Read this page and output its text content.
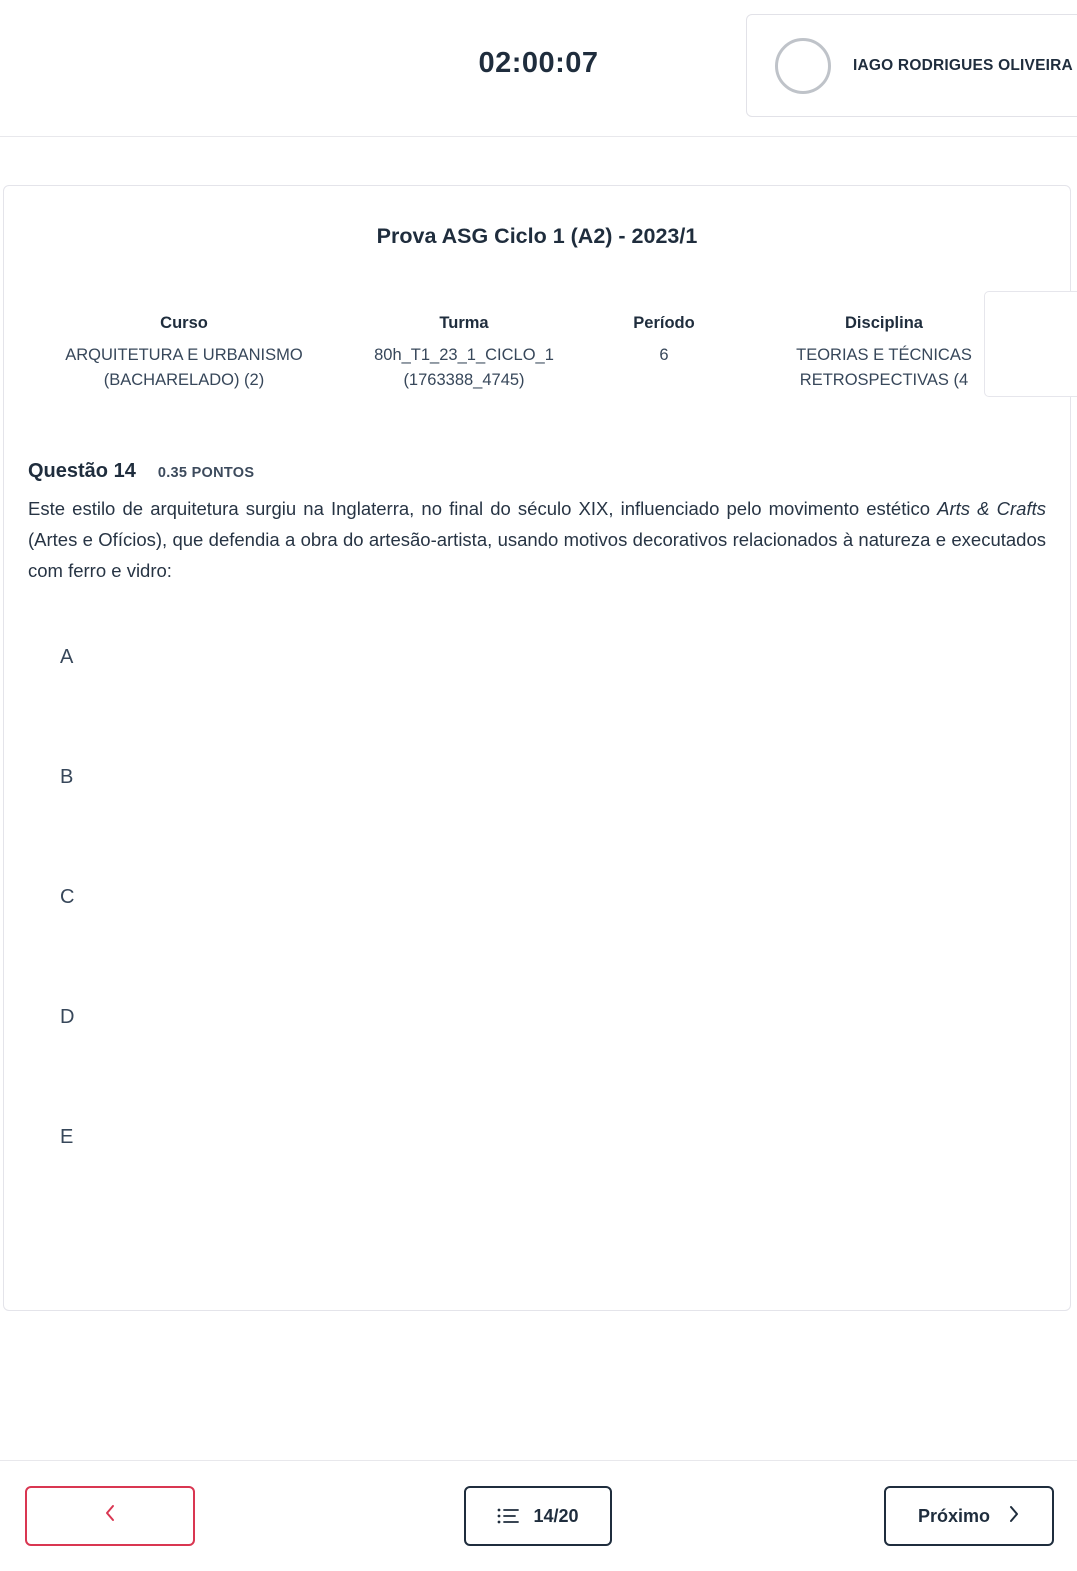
02:00:07	IAGO RODRIGUES OLIVEIRA
Prova ASG Ciclo 1 (A2) - 2023/1
Curso
ARQUITETURA E URBANISMO
(BACHARELADO) (2)
Turma
80h_T1_23_1_CICLO_1
(1763388_4745)
Período
6
Disciplina
TEORIAS E TÉCNICAS
RETROSPECTIVAS (4
Questão 14 0.35 PONTOS
Este estilo de arquitetura surgiu na Inglaterra, no final do século XIX, influenciado pelo movimento estético Arts & Crafts (Artes e Ofícios), que defendia a obra do artesão-artista, usando motivos decorativos relacionados à natureza e executados com ferro e vidro:
A
B
C
D
E
14/20	Próximo
